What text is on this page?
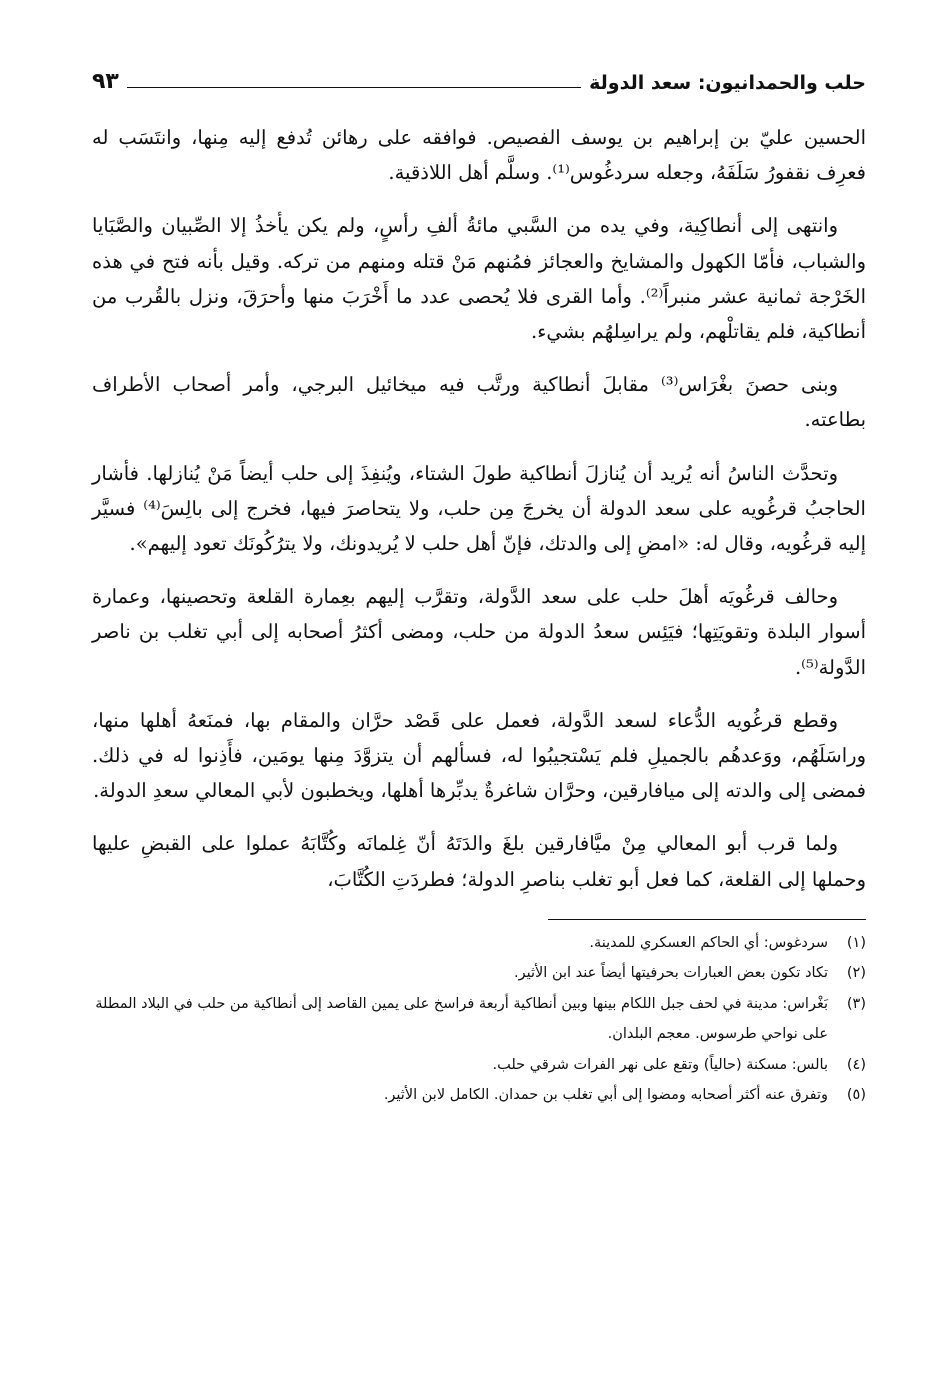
حلب والحمدانيون: سعد الدولة
٩٣

الحسين عليّ بن إبراهيم بن يوسف الفصيص. فوافقه على رهائن تُدفع إليه مِنها، وانتَسَب له فعرِف نقفورُ سَلَفَهُ، وجعله سردغُوس⁽¹⁾. وسلَّم أهل اللاذقية.

وانتهى إلى أنطاكِية، وفي يده من السَّبي مائةُ ألفِ رأسٍ، ولم يكن يأخذُ إلا الصِّبيان والصَّبَايا والشباب، فأمّا الكهول والمشايخ والعجائز فمُنهم مَنْ قتله ومنهم من تركه. وقيل بأنه فتح في هذه الخَرْجة ثمانية عشر منبراً⁽²⁾. وأما القرى فلا يُحصى عدد ما أَخْرَبَ منها وأحرَقَ، ونزل بالقُرب من أنطاكية، فلم يقاتلْهم، ولم يراسِلهُم بشيء.

وبنى حصنَ بغْرَاس⁽³⁾ مقابلَ أنطاكية ورتَّب فيه ميخائيل البرجي، وأمر أصحاب الأطراف بطاعته.

وتحدَّث الناسُ أنه يُريد أن يُنازلَ أنطاكية طولَ الشتاء، ويُنفِذَ إلى حلب أيضاً مَنْ يُنازلها. فأشار الحاجبُ قرغُويه على سعد الدولة أن يخرجَ مِن حلب، ولا يتحاصرَ فيها، فخرج إلى بالِسَ⁽⁴⁾ فسيَّر إليه قرغُويه، وقال له: «امضِ إلى والدتك، فإنّ أهل حلب لا يُريدونك، ولا يترُكُونَك تعود إليهم».

وحالف قرغُويَه أهلَ حلب على سعد الدَّولة، وتقرَّب إليهم بعِمارة القلعة وتحصينها، وعمارة أسوار البلدة وتقويَتِها؛ فيَئِس سعدُ الدولة من حلب، ومضى أكثرُ أصحابه إلى أبي تغلب بن ناصر الدَّولة⁽⁵⁾.

وقطع قرغُويه الدُّعاء لسعد الدَّولة، فعمل على قَصْد حرَّان والمقام بها، فمنَعهُ أهلها منها، وراسَلَهُم، ووَعدهُم بالجميلِ فلم يَسْتجيبُوا له، فسألهم أن يتزوَّدَ مِنها يومَين، فأَذِنوا له في ذلك. فمضى إلى والدته إلى ميافارقين، وحرَّان شاغرةٌ يدبِّرها أهلها، ويخطبون لأبي المعالي سعدِ الدولة.

ولما قرب أبو المعالي مِنْ ميَّافارقين بلغَ والدَتَهُ أنّ غِلمانَه وكُتَّابَهُ عملوا على القبضِ عليها وحملها إلى القلعة، كما فعل أبو تغلب بناصرِ الدولة؛ فطردَتِ الكُتَّابَ،

(١)
سردغوس: أي الحاكم العسكري للمدينة.
(٢)
تكاد تكون بعض العبارات بحرفيتها أيضاً عند ابن الأثير.
(٣)
بَغْراس: مدينة في لحف جبل اللكام بينها وبين أنطاكية أربعة فراسخ على يمين القاصد إلى أنطاكية من حلب في البلاد المطلة على نواحي طرسوس. معجم البلدان.
(٤)
بالس: مسكنة (حالياً) وتقع على نهر الفرات شرقي حلب.
(٥)
وتفرق عنه أكثر أصحابه ومضوا إلى أبي تغلب بن حمدان. الكامل لابن الأثير.
